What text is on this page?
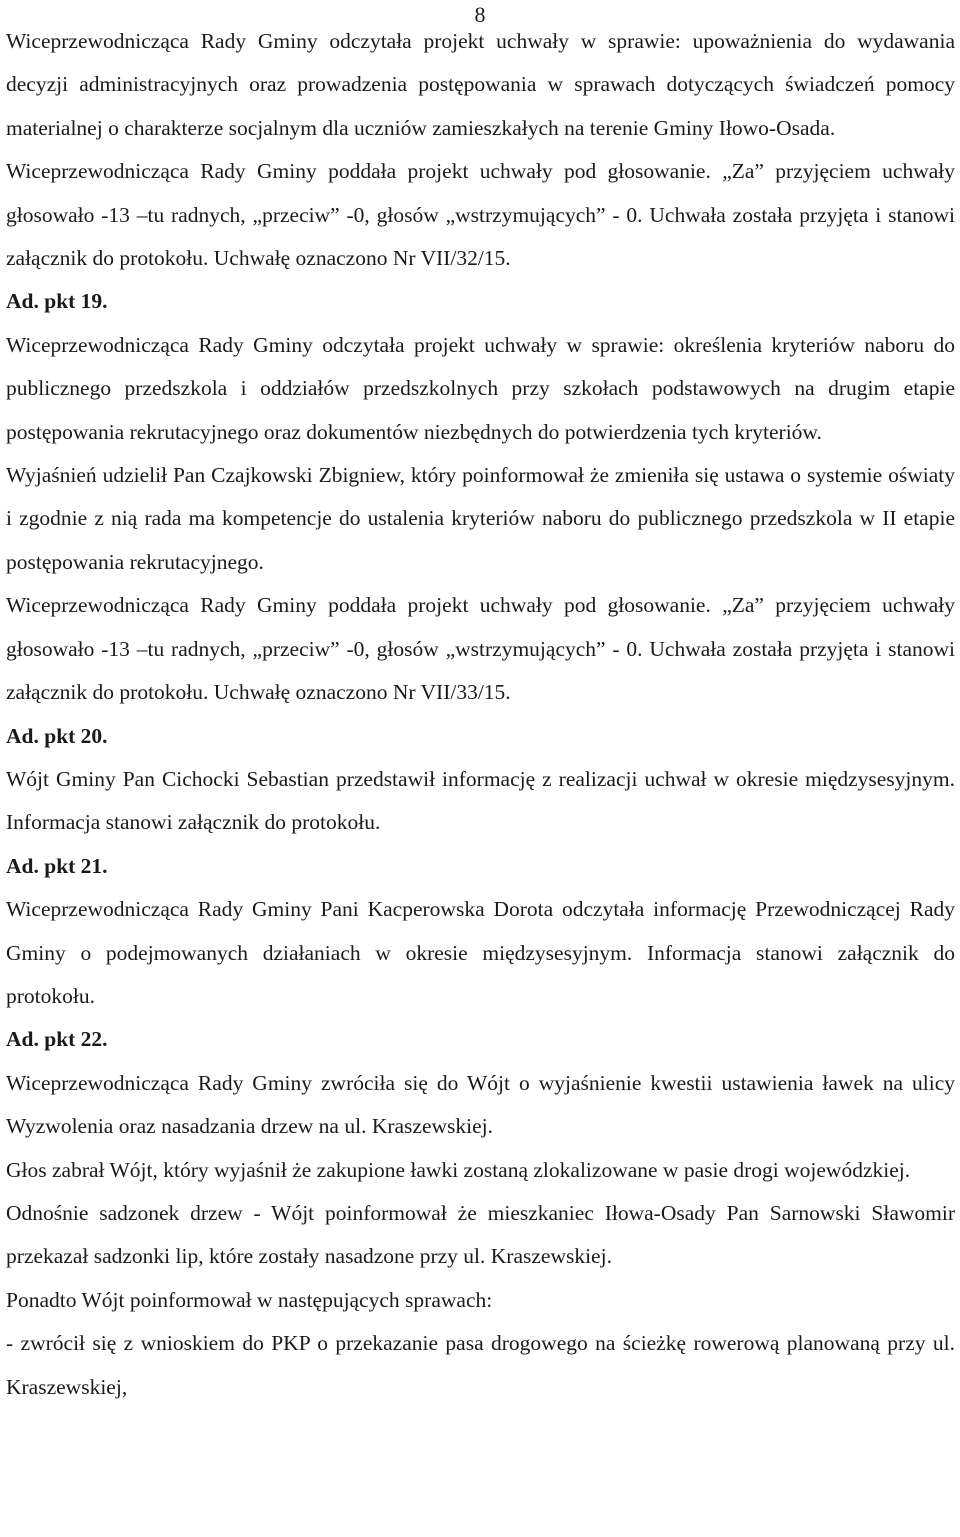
8

Wiceprzewodnicząca Rady Gminy odczytała projekt uchwały w sprawie: upoważnienia do wydawania decyzji administracyjnych oraz prowadzenia postępowania w sprawach dotyczących świadczeń pomocy materialnej o charakterze socjalnym dla uczniów zamieszkałych na terenie Gminy Iłowo-Osada.

Wiceprzewodnicząca Rady Gminy poddała projekt uchwały pod głosowanie. „Za” przyjęciem uchwały głosowało -13 –tu radnych, „przeciw” -0, głosów „wstrzymujących” - 0. Uchwała została przyjęta i stanowi załącznik do protokołu. Uchwałę oznaczono Nr VII/32/15.

Ad. pkt 19.

Wiceprzewodnicząca Rady Gminy odczytała projekt uchwały w sprawie: określenia kryteriów naboru do publicznego przedszkola i oddziałów przedszkolnych przy szkołach podstawowych na drugim etapie postępowania rekrutacyjnego oraz dokumentów niezbędnych do potwierdzenia tych kryteriów.

Wyjaśnień udzielił Pan Czajkowski Zbigniew, który poinformował że zmieniła się ustawa o systemie oświaty i zgodnie z nią rada ma kompetencje do ustalenia kryteriów naboru do publicznego przedszkola w II etapie postępowania rekrutacyjnego.

Wiceprzewodnicząca Rady Gminy poddała projekt uchwały pod głosowanie. „Za” przyjęciem uchwały głosowało -13 –tu radnych, „przeciw” -0, głosów „wstrzymujących” - 0. Uchwała została przyjęta i stanowi załącznik do protokołu. Uchwałę oznaczono Nr VII/33/15.

Ad. pkt 20.

Wójt Gminy Pan Cichocki Sebastian przedstawił informację z realizacji uchwał w okresie międzysesyjnym. Informacja stanowi załącznik do protokołu.

Ad. pkt 21.

Wiceprzewodnicząca Rady Gminy Pani Kacperowska Dorota odczytała informację Przewodniczącej Rady Gminy o podejmowanych działaniach w okresie międzysesyjnym. Informacja stanowi załącznik do protokołu.

Ad. pkt 22.

Wiceprzewodnicząca Rady Gminy zwróciła się do Wójt o wyjaśnienie kwestii ustawienia ławek na ulicy Wyzwolenia oraz nasadzania drzew na ul. Kraszewskiej.

Głos zabrał Wójt, który wyjaśnił że zakupione ławki zostaną zlokalizowane w pasie drogi wojewódzkiej.

Odnośnie sadzonek drzew - Wójt poinformował że mieszkaniec Iłowa-Osady Pan Sarnowski Sławomir przekazał sadzonki lip, które zostały nasadzone przy ul. Kraszewskiej.

Ponadto Wójt poinformował w następujących sprawach:

- zwrócił się z wnioskiem do PKP o przekazanie pasa drogowego na ścieżkę rowerową planowaną przy ul. Kraszewskiej,
